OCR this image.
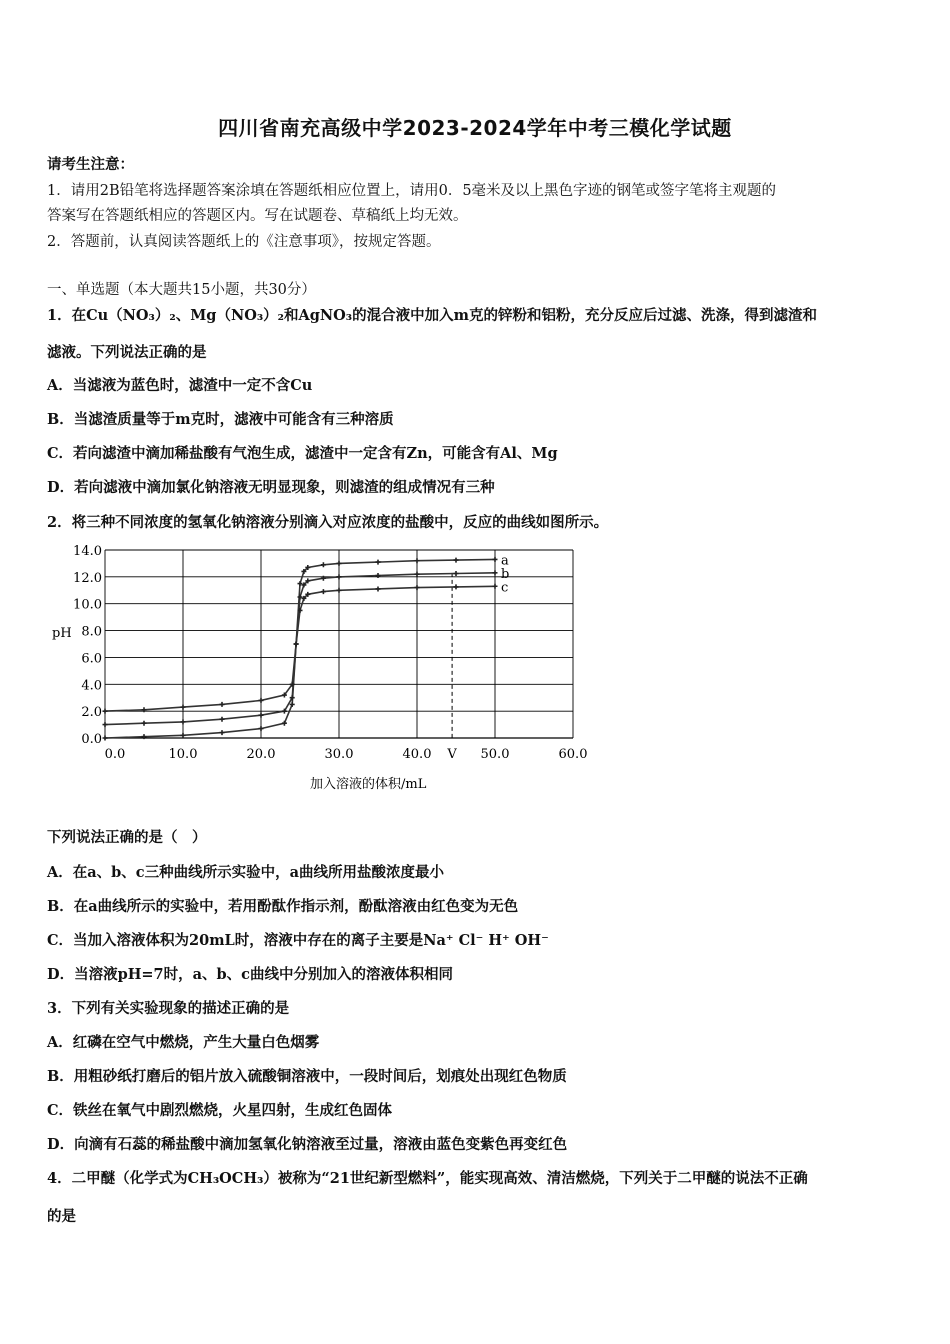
四川省南充高级中学2023-2024学年中考三模化学试题
请考生注意：
1．请用2B铅笔将选择题答案涂填在答题纸相应位置上，请用0．5毫米及以上黑色字迹的钢笔或签字笔将主观题的
答案写在答题纸相应的答题区内。写在试题卷、草稿纸上均无效。
2．答题前，认真阅读答题纸上的《注意事项》，按规定答题。
一、单选题（本大题共15小题，共30分）
1．在Cu（NO₃）₂、Mg（NO₃）₂和AgNO₃的混合液中加入m克的锌粉和铝粉，充分反应后过滤、洗涤，得到滤渣和
滤液。下列说法正确的是
A．当滤液为蓝色时，滤渣中一定不含Cu
B．当滤渣质量等于m克时，滤液中可能含有三种溶质
C．若向滤渣中滴加稀盐酸有气泡生成，滤渣中一定含有Zn，可能含有Al、Mg
D．若向滤液中滴加氯化钠溶液无明显现象，则滤渣的组成情况有三种
2．将三种不同浓度的氢氧化钠溶液分别滴入对应浓度的盐酸中，反应的曲线如图所示。
0.0
2.0
4.0
6.0
8.0
10.0
12.0
14.0
0.0	10.0	20.0	30.0	40.0 V 50.0	60.0
a
b
c
pH
加入溶液的体积/mL
下列说法正确的是（　）
A．在a、b、c三种曲线所示实验中，a曲线所用盐酸浓度最小
B．在a曲线所示的实验中，若用酚酞作指示剂，酚酞溶液由红色变为无色
C．当加入溶液体积为20mL时，溶液中存在的离子主要是Na⁺ Cl⁻ H⁺ OH⁻
D．当溶液pH=7时，a、b、c曲线中分别加入的溶液体积相同
3．下列有关实验现象的描述正确的是
A．红磷在空气中燃烧，产生大量白色烟雾
B．用粗砂纸打磨后的铝片放入硫酸铜溶液中，一段时间后，划痕处出现红色物质
C．铁丝在氧气中剧烈燃烧，火星四射，生成红色固体
D．向滴有石蕊的稀盐酸中滴加氢氧化钠溶液至过量，溶液由蓝色变紫色再变红色
4．二甲醚（化学式为CH₃OCH₃）被称为“21世纪新型燃料”，能实现高效、清洁燃烧，下列关于二甲醚的说法不正确
的是
